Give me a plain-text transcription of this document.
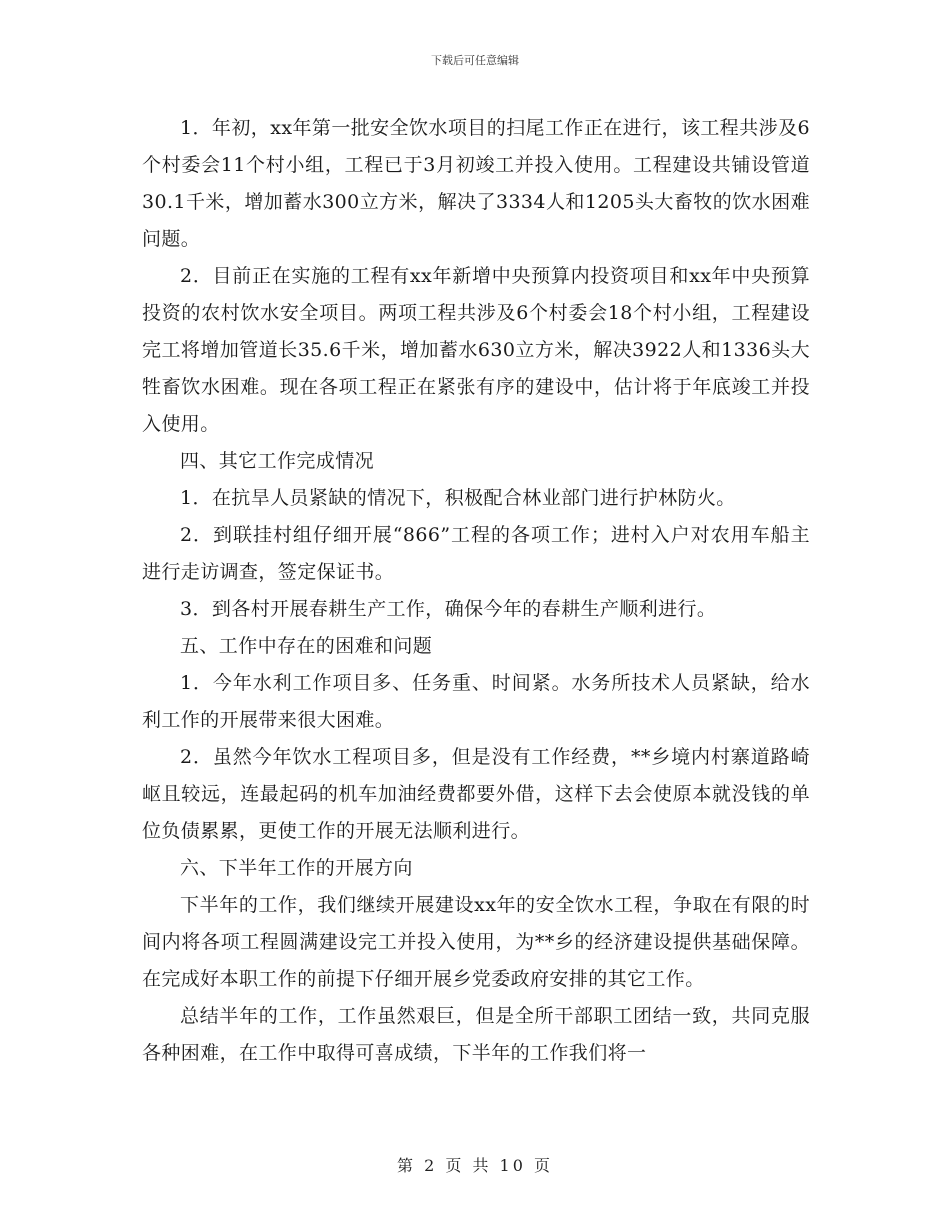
下载后可任意编辑

1．年初，xx年第一批安全饮水项目的扫尾工作正在进行，该工程共涉及6个村委会11个村小组，工程已于3月初竣工并投入使用。工程建设共铺设管道30.1千米，增加蓄水300立方米，解决了3334人和1205头大畜牧的饮水困难问题。

2．目前正在实施的工程有xx年新增中央预算内投资项目和xx年中央预算投资的农村饮水安全项目。两项工程共涉及6个村委会18个村小组，工程建设完工将增加管道长35.6千米，增加蓄水630立方米，解决3922人和1336头大牲畜饮水困难。现在各项工程正在紧张有序的建设中，估计将于年底竣工并投入使用。

四、其它工作完成情况

1．在抗旱人员紧缺的情况下，积极配合林业部门进行护林防火。

2．到联挂村组仔细开展“866”工程的各项工作；进村入户对农用车船主进行走访调查，签定保证书。

3．到各村开展春耕生产工作，确保今年的春耕生产顺利进行。

五、工作中存在的困难和问题

1．今年水利工作项目多、任务重、时间紧。水务所技术人员紧缺，给水利工作的开展带来很大困难。

2．虽然今年饮水工程项目多，但是没有工作经费，**乡境内村寨道路崎岖且较远，连最起码的机车加油经费都要外借，这样下去会使原本就没钱的单位负债累累，更使工作的开展无法顺利进行。

六、下半年工作的开展方向

下半年的工作，我们继续开展建设xx年的安全饮水工程，争取在有限的时间内将各项工程圆满建设完工并投入使用，为**乡的经济建设提供基础保障。在完成好本职工作的前提下仔细开展乡党委政府安排的其它工作。

总结半年的工作，工作虽然艰巨，但是全所干部职工团结一致，共同克服各种困难，在工作中取得可喜成绩，下半年的工作我们将一

第 2 页 共 10 页
